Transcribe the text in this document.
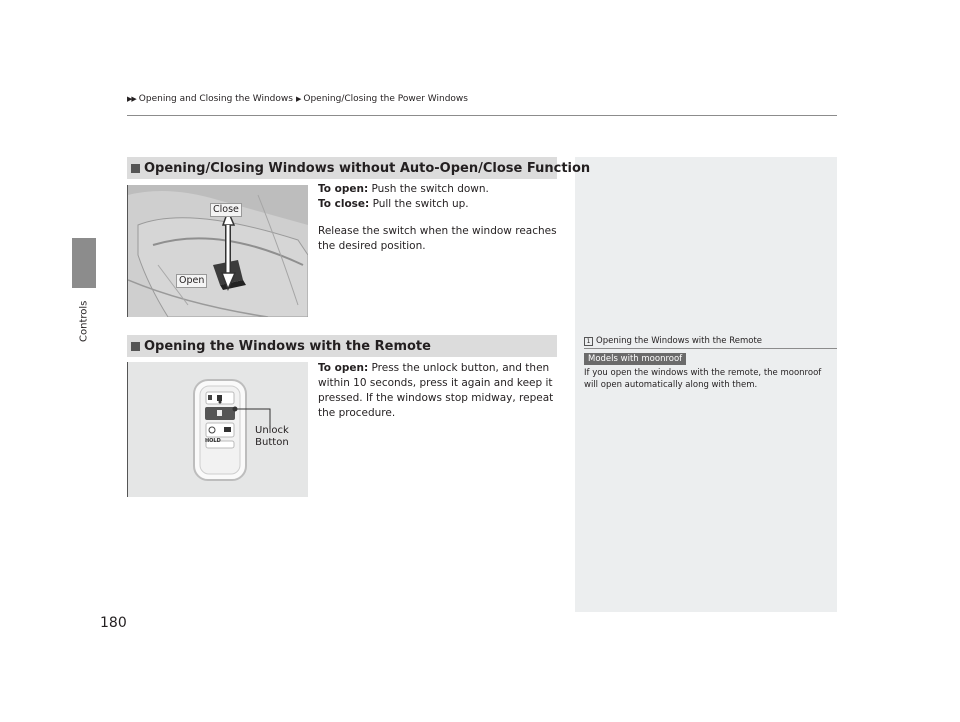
Controls
▶▶ Opening and Closing the Windows ▶ Opening/Closing the Power Windows
Opening/Closing Windows without Auto-Open/Close Function
Close
Open
To open: Push the switch down.
To close: Pull the switch up.
Release the switch when the window reaches the desired position.
Opening the Windows with the Remote
HOLD
Unlock
Button
To open: Press the unlock button, and then within 10 seconds, press it again and keep it pressed. If the windows stop midway, repeat the procedure.
1 Opening the Windows with the Remote
Models with moonroof
If you open the windows with the remote, the moonroof will open automatically along with them.
180
